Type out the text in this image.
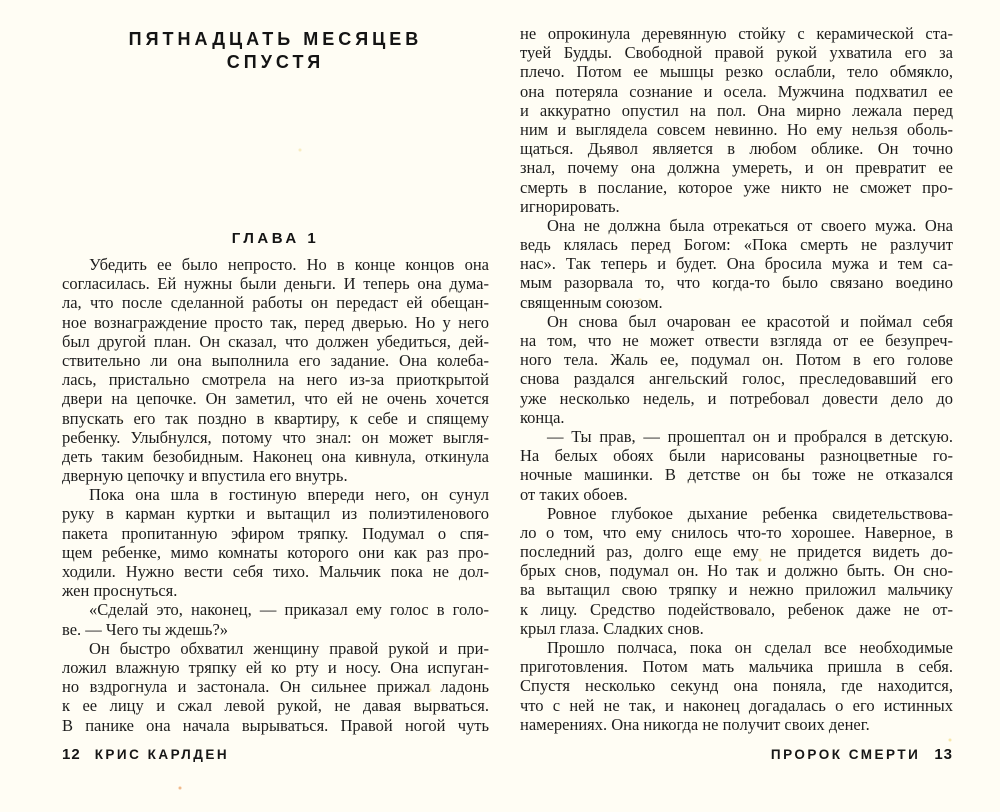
ПЯТНАДЦАТЬ МЕСЯЦЕВ
СПУСТЯ
ГЛАВА 1
Убедить ее было непросто. Но в конце концов она
согласилась. Ей нужны были деньги. И теперь она дума-
ла, что после сделанной работы он передаст ей обещан-
ное вознаграждение просто так, перед дверью. Но у него
был другой план. Он сказал, что должен убедиться, дей-
ствительно ли она выполнила его задание. Она колеба-
лась, пристально смотрела на него из-за приоткрытой
двери на цепочке. Он заметил, что ей не очень хочется
впускать его так поздно в квартиру, к себе и спящему
ребенку. Улыбнулся, потому что знал: он может выгля-
деть таким безобидным. Наконец она кивнула, откинула
дверную цепочку и впустила его внутрь.
Пока она шла в гостиную впереди него, он сунул
руку в карман куртки и вытащил из полиэтиленового
пакета пропитанную эфиром тряпку. Подумал о спя-
щем ребенке, мимо комнаты которого они как раз про-
ходили. Нужно вести себя тихо. Мальчик пока не дол-
жен проснуться.
«Сделай это, наконец, — приказал ему голос в голо-
ве. — Чего ты ждешь?»
Он быстро обхватил женщину правой рукой и при-
ложил влажную тряпку ей ко рту и носу. Она испуган-
но вздрогнула и застонала. Он сильнее прижал ладонь
к ее лицу и сжал левой рукой, не давая вырваться.
В панике она начала вырываться. Правой ногой чуть
12 КРИС КАРЛДЕН
не опрокинула деревянную стойку с керамической ста-
туей Будды. Свободной правой рукой ухватила его за
плечо. Потом ее мышцы резко ослабли, тело обмякло,
она потеряла сознание и осела. Мужчина подхватил ее
и аккуратно опустил на пол. Она мирно лежала перед
ним и выглядела совсем невинно. Но ему нельзя оболь-
щаться. Дьявол является в любом облике. Он точно
знал, почему она должна умереть, и он превратит ее
смерть в послание, которое уже никто не сможет про-
игнорировать.
Она не должна была отрекаться от своего мужа. Она
ведь клялась перед Богом: «Пока смерть не разлучит
нас». Так теперь и будет. Она бросила мужа и тем са-
мым разорвала то, что когда-то было связано воедино
священным союзом.
Он снова был очарован ее красотой и поймал себя
на том, что не может отвести взгляда от ее безупреч-
ного тела. Жаль ее, подумал он. Потом в его голове
снова раздался ангельский голос, преследовавший его
уже несколько недель, и потребовал довести дело до
конца.
— Ты прав, — прошептал он и пробрался в детскую.
На белых обоях были нарисованы разноцветные го-
ночные машинки. В детстве он бы тоже не отказался
от таких обоев.
Ровное глубокое дыхание ребенка свидетельствова-
ло о том, что ему снилось что-то хорошее. Наверное, в
последний раз, долго еще ему не придется видеть до-
брых снов, подумал он. Но так и должно быть. Он сно-
ва вытащил свою тряпку и нежно приложил мальчику
к лицу. Средство подействовало, ребенок даже не от-
крыл глаза. Сладких снов.
Прошло полчаса, пока он сделал все необходимые
приготовления. Потом мать мальчика пришла в себя.
Спустя несколько секунд она поняла, где находится,
что с ней не так, и наконец догадалась о его истинных
намерениях. Она никогда не получит своих денег.
ПРОРОК СМЕРТИ 13
